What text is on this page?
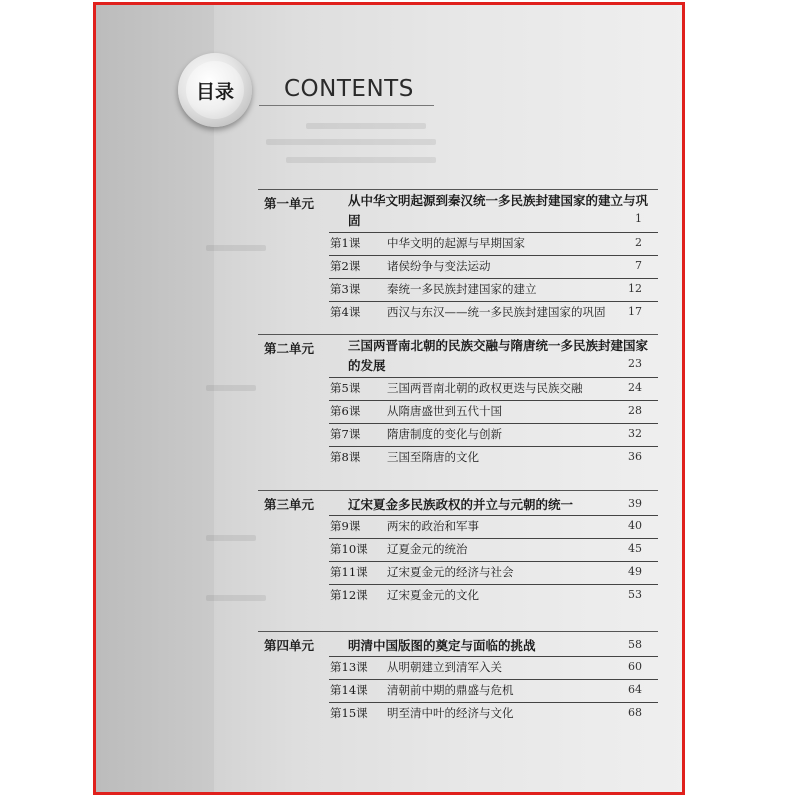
目录	CONTENTS
第一单元	从中华文明起源到秦汉统一多民族封建国家的建立与巩固	1
第1课 中华文明的起源与早期国家	2
第2课 诸侯纷争与变法运动	7
第3课 秦统一多民族封建国家的建立	12
第4课 西汉与东汉——统一多民族封建国家的巩固	17
第二单元	三国两晋南北朝的民族交融与隋唐统一多民族封建国家的发展	23
第5课 三国两晋南北朝的政权更迭与民族交融	24
第6课 从隋唐盛世到五代十国	28
第7课 隋唐制度的变化与创新	32
第8课 三国至隋唐的文化	36
第三单元	辽宋夏金多民族政权的并立与元朝的统一	39
第9课 两宋的政治和军事	40
第10课 辽夏金元的统治	45
第11课 辽宋夏金元的经济与社会	49
第12课 辽宋夏金元的文化	53
第四单元	明清中国版图的奠定与面临的挑战	58
第13课 从明朝建立到清军入关	60
第14课 清朝前中期的鼎盛与危机	64
第15课 明至清中叶的经济与文化	68
